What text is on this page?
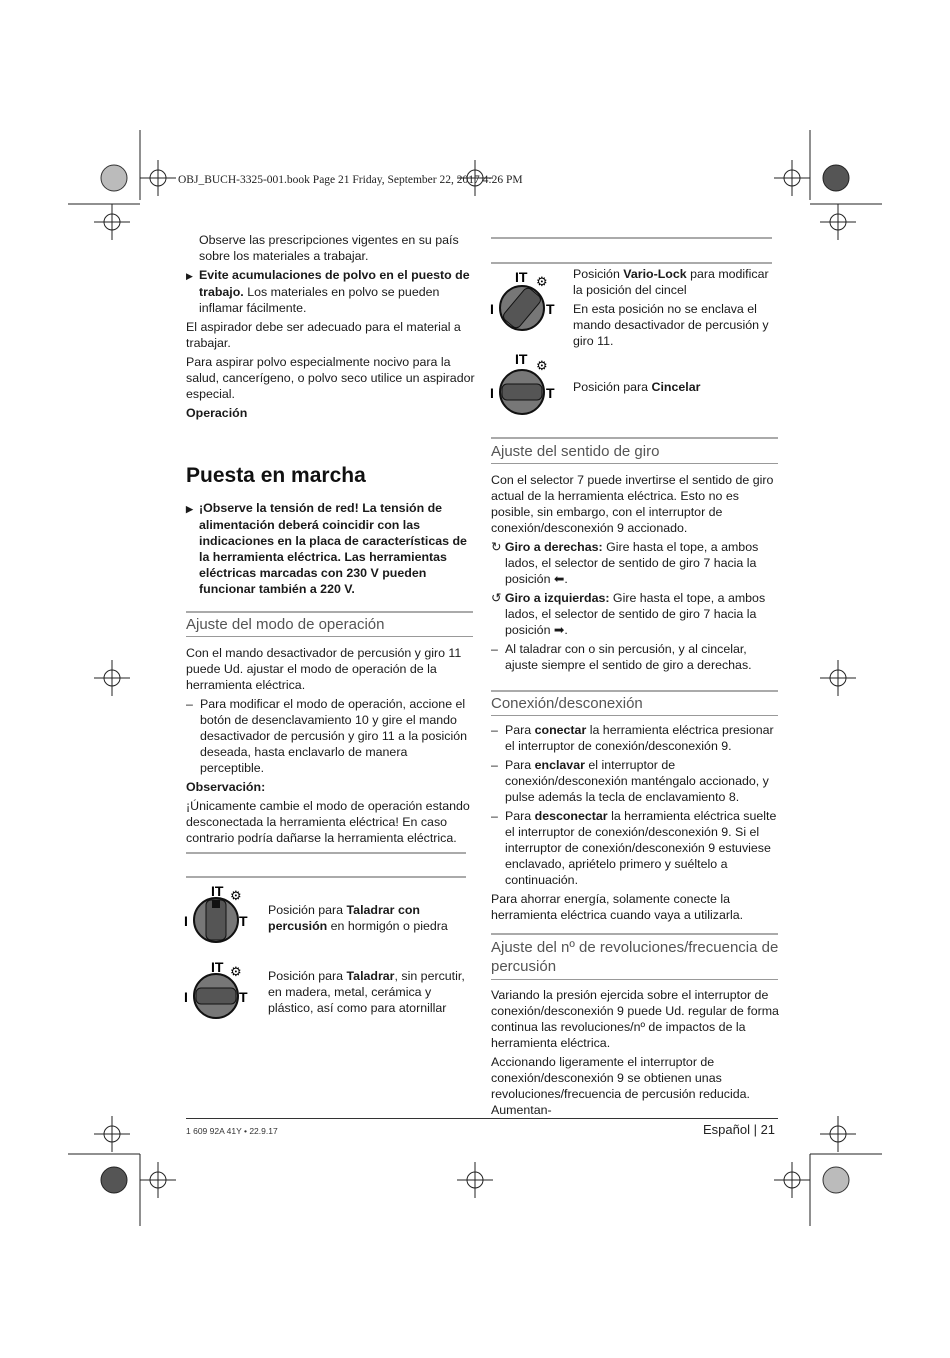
OBJ_BUCH-3325-001.book Page 21 Friday, September 22, 2017 4:26 PM

Observe las prescripciones vigentes en su país sobre los materiales a trabajar.

▶ Evite acumulaciones de polvo en el puesto de trabajo. Los materiales en polvo se pueden inflamar fácilmente.

El aspirador debe ser adecuado para el material a trabajar.

Para aspirar polvo especialmente nocivo para la salud, cancerígeno, o polvo seco utilice un aspirador especial.

Operación

Puesta en marcha

▶ ¡Observe la tensión de red! La tensión de alimentación deberá coincidir con las indicaciones en la placa de características de la herramienta eléctrica. Las herramientas eléctricas marcadas con 230 V pueden funcionar también a 220 V.

Ajuste del modo de operación

Con el mando desactivador de percusión y giro 11 puede Ud. ajustar el modo de operación de la herramienta eléctrica.

– Para modificar el modo de operación, accione el botón de desenclavamiento 10 y gire el mando desactivador de percusión y giro 11 a la posición deseada, hasta enclavarlo de manera perceptible.

Observación:

¡Únicamente cambie el modo de operación estando desconectada la herramienta eléctrica! En caso contrario podría dañarse la herramienta eléctrica.

IT ⚙
I	T
Posición para Taladrar con percusión en hormigón o piedra
IT ⚙
I	T
Posición para Taladrar, sin percutir, en madera, metal, cerámica y plástico, así como para atornillar
IT ⚙
I	T
Posición Vario-Lock para modificar la posición del cincel
En esta posición no se enclava el mando desactivador de percusión y giro 11.
IT ⚙
I	T Posición para Cincelar
Ajuste del sentido de giro

Con el selector 7 puede invertirse el sentido de giro actual de la herramienta eléctrica. Esto no es posible, sin embargo, con el interruptor de conexión/desconexión 9 accionado.

↻ Giro a derechas: Gire hasta el tope, a ambos lados, el selector de sentido de giro 7 hacia la posición ⬅.

↺ Giro a izquierdas: Gire hasta el tope, a ambos lados, el selector de sentido de giro 7 hacia la posición ➡.

– Al taladrar con o sin percusión, y al cincelar, ajuste siempre el sentido de giro a derechas.

Conexión/desconexión

– Para conectar la herramienta eléctrica presionar el interruptor de conexión/desconexión 9.

– Para enclavar el interruptor de conexión/desconexión manténgalo accionado, y pulse además la tecla de enclavamiento 8.

– Para desconectar la herramienta eléctrica suelte el interruptor de conexión/desconexión 9. Si el interruptor de conexión/desconexión 9 estuviese enclavado, apriételo primero y suéltelo a continuación.

Para ahorrar energía, solamente conecte la herramienta eléctrica cuando vaya a utilizarla.

Ajuste del nº de revoluciones/frecuencia de percusión

Variando la presión ejercida sobre el interruptor de conexión/desconexión 9 puede Ud. regular de forma continua las revoluciones/nº de impactos de la herramienta eléctrica.

Accionando ligeramente el interruptor de conexión/desconexión 9 se obtienen unas revoluciones/frecuencia de percusión reducida. Aumentan-

1 609 92A 41Y • 22.9.17	Español | 21
